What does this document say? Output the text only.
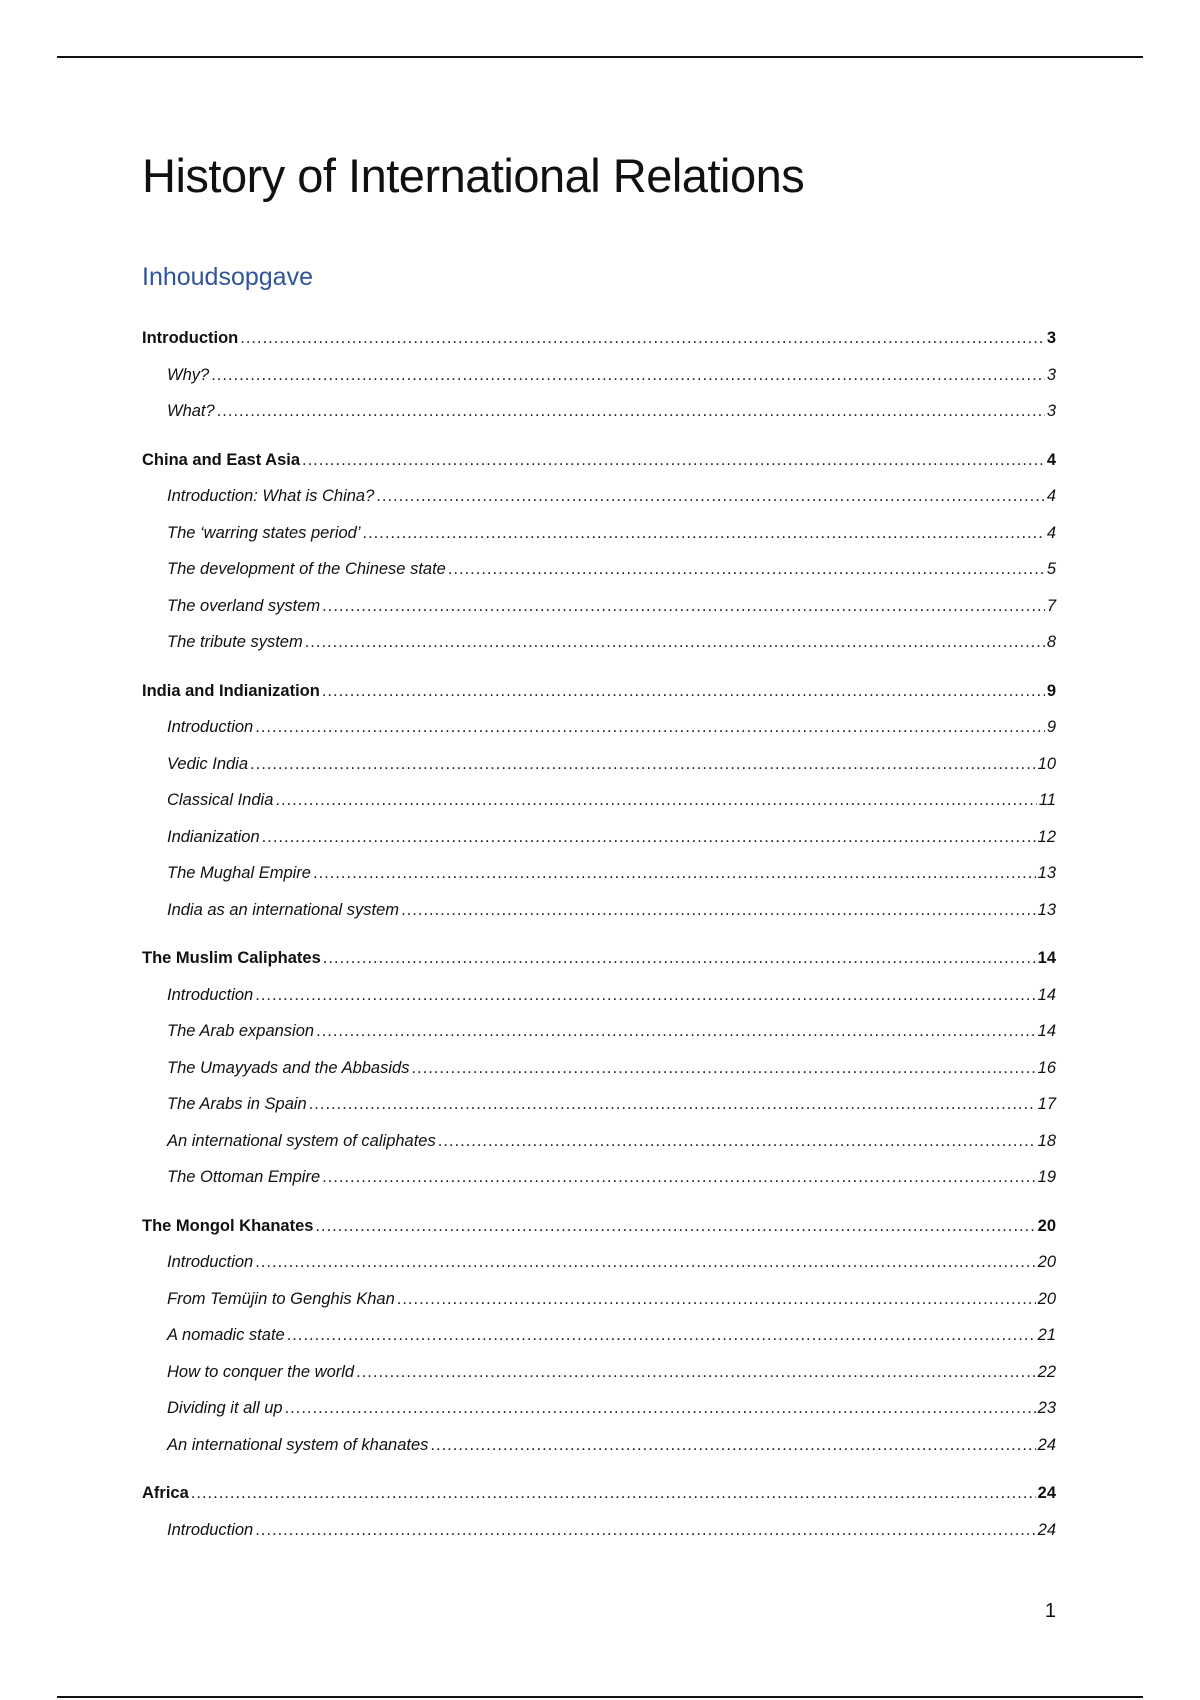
History of International Relations
Inhoudsopgave
Introduction .....	3
Why? .....	3
What? .....	3
China and East Asia .....	4
Introduction: What is China? .....	4
The ‘warring states period’ .....	4
The development of the Chinese state .....	5
The overland system .....	7
The tribute system .....	8
India and Indianization .....	9
Introduction .....	9
Vedic India .....	10
Classical India .....	11
Indianization .....	12
The Mughal Empire .....	13
India as an international system .....	13
The Muslim Caliphates .....	14
Introduction .....	14
The Arab expansion .....	14
The Umayyads and the Abbasids .....	16
The Arabs in Spain .....	17
An international system of caliphates .....	18
The Ottoman Empire .....	19
The Mongol Khanates .....	20
Introduction .....	20
From Temüjin to Genghis Khan .....	20
A nomadic state .....	21
How to conquer the world .....	22
Dividing it all up .....	23
An international system of khanates .....	24
Africa .....	24
Introduction .....	24
1
